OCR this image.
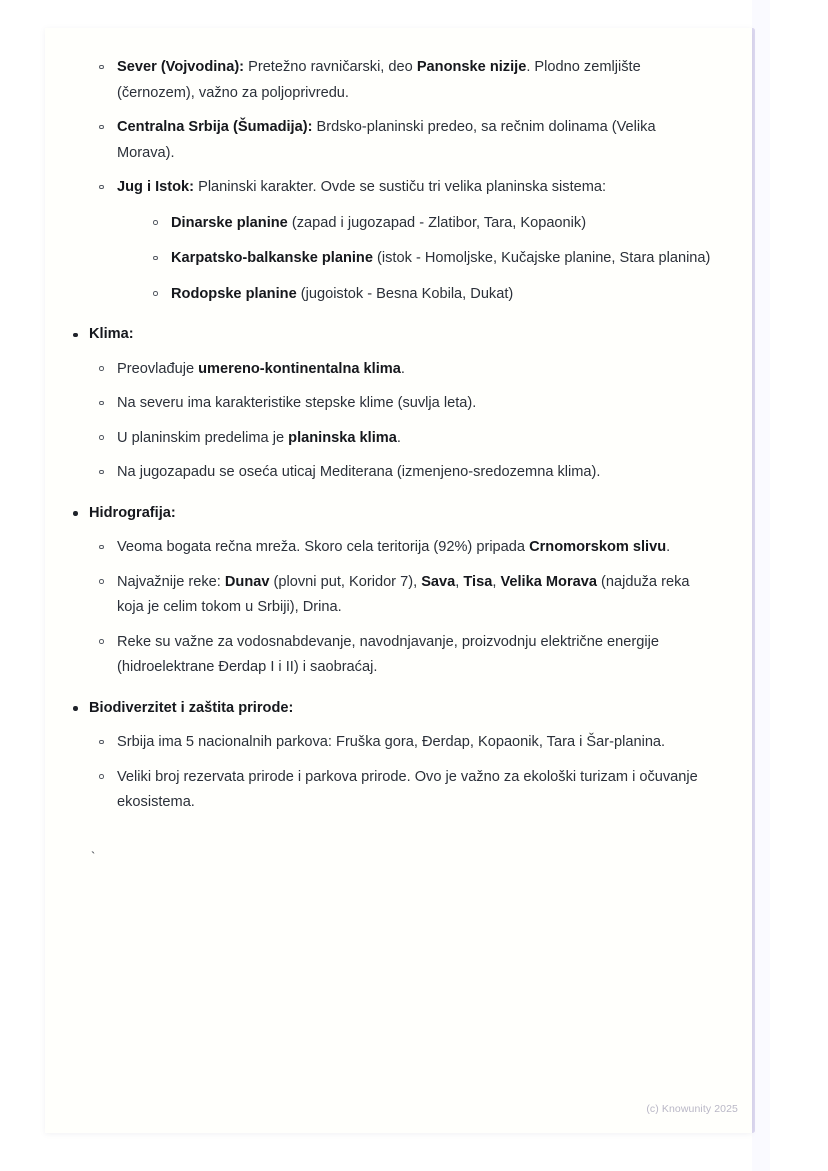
Sever (Vojvodina): Pretežno ravničarski, deo Panonske nizije. Plodno zemljište (černozem), važno za poljoprivredu.
Centralna Srbija (Šumadija): Brdsko-planinski predeo, sa rečnim dolinama (Velika Morava).
Jug i Istok: Planinski karakter. Ovde se sustiču tri velika planinska sistema:
Dinarske planine (zapad i jugozapad - Zlatibor, Tara, Kopaonik)
Karpatsko-balkanske planine (istok - Homoljske, Kučajske planine, Stara planina)
Rodopske planine (jugoistok - Besna Kobila, Dukat)
Klima:
Preovlađuje umereno-kontinentalna klima.
Na severu ima karakteristike stepske klime (suvlja leta).
U planinskim predelima je planinska klima.
Na jugozapadu se oseća uticaj Mediterana (izmenjeno-sredozemna klima).
Hidrografija:
Veoma bogata rečna mreža. Skoro cela teritorija (92%) pripada Crnomorskom slivu.
Najvažnije reke: Dunav (plovni put, Koridor 7), Sava, Tisa, Velika Morava (najduža reka koja je celim tokom u Srbiji), Drina.
Reke su važne za vodosnabdevanje, navodnjavanje, proizvodnju električne energije (hidroelektrane Đerdap I i II) i saobraćaj.
Biodiverzitet i zaštita prirode:
Srbija ima 5 nacionalnih parkova: Fruška gora, Đerdap, Kopaonik, Tara i Šar-planina.
Veliki broj rezervata prirode i parkova prirode. Ovo je važno za ekološki turizam i očuvanje ekosistema.
`
(c) Knowunity 2025
